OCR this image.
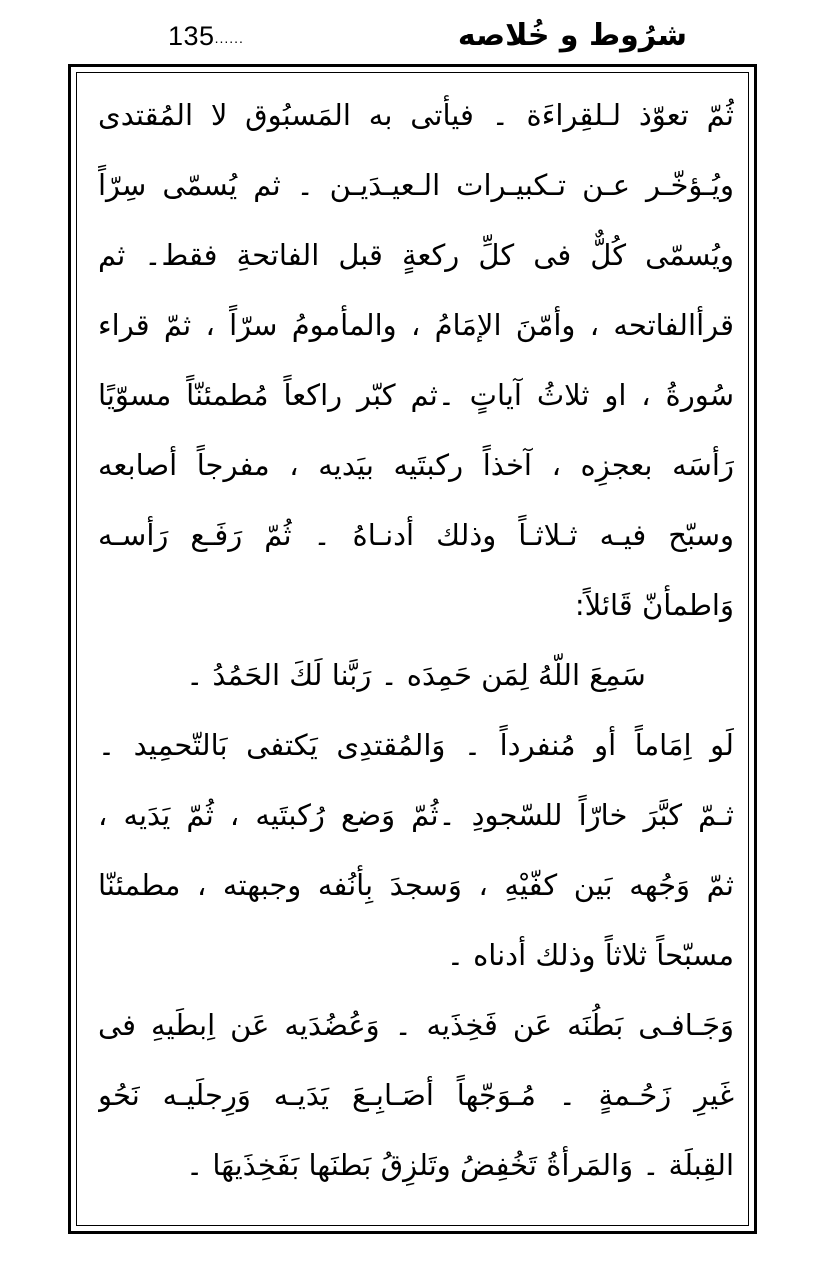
135......	شرُوط و خُلاصه
ثُمّ تعوّذ لـلقِراءَة ۔ فيأتى به المَسبُوق لا المُقتدى
ويُـؤخّـر عـن تـكبيـرات الـعيـدَيـن ۔ ثم يُسمّى سِرّاً
ويُسمّى كُلٌّ فى كلِّ ركعةٍ قبل الفاتحةِ فقط۔ ثم
قرأالفاتحه ، وأمّنَ الإمَامُ ، والمأمومُ سرّاً ، ثمّ قراء
سُورةُ ، او ثلاثُ آياتٍ ۔ثم كبّر راكعاً مُطمئنّاً مسوّيًا
رَأسَه بعجزِه ، آخذاً ركبتَيه بيَديه ، مفرجاً أصابعه
وسبّح فيـه ثـلاثـاً وذلك أدنـاهُ ۔ ثُمّ رَفَـع رَأسـه
وَاطمأنّ قَائلاً:
سَمِعَ اللّهُ لِمَن حَمِدَه ۔ رَبَّنا لَكَ الحَمُدُ ۔
لَو اِمَاماً أو مُنفرداً ۔ وَالمُقتدِى يَكتفى بَالتّحمِيد ۔
ثـمّ كبَّرَ خارّاً للسّجودِ ۔ثُمّ وَضع رُكبتَيه ، ثُمّ يَدَيه ،
ثمّ وَجُهه بَين كفّيْهِ ، وَسجدَ بِأنُفه وجبهته ، مطمئنّا
مسبّحاً ثلاثاً وذلك أدناه ۔
وَجَـافـى بَطُنَه عَن فَخِذَيه ۔ وَعُضُدَيه عَن اِبطَيهِ فى
غَيرِ زَحُـمةٍ ۔ مُـوَجّهاً أصَـابِـعَ يَدَيـه وَرِجلَيـه نَحُو
القِبلَة ۔ وَالمَرأةُ تَخُفِضُ وتَلزِقُ بَطنَها بَفَخِذَيهَا ۔
